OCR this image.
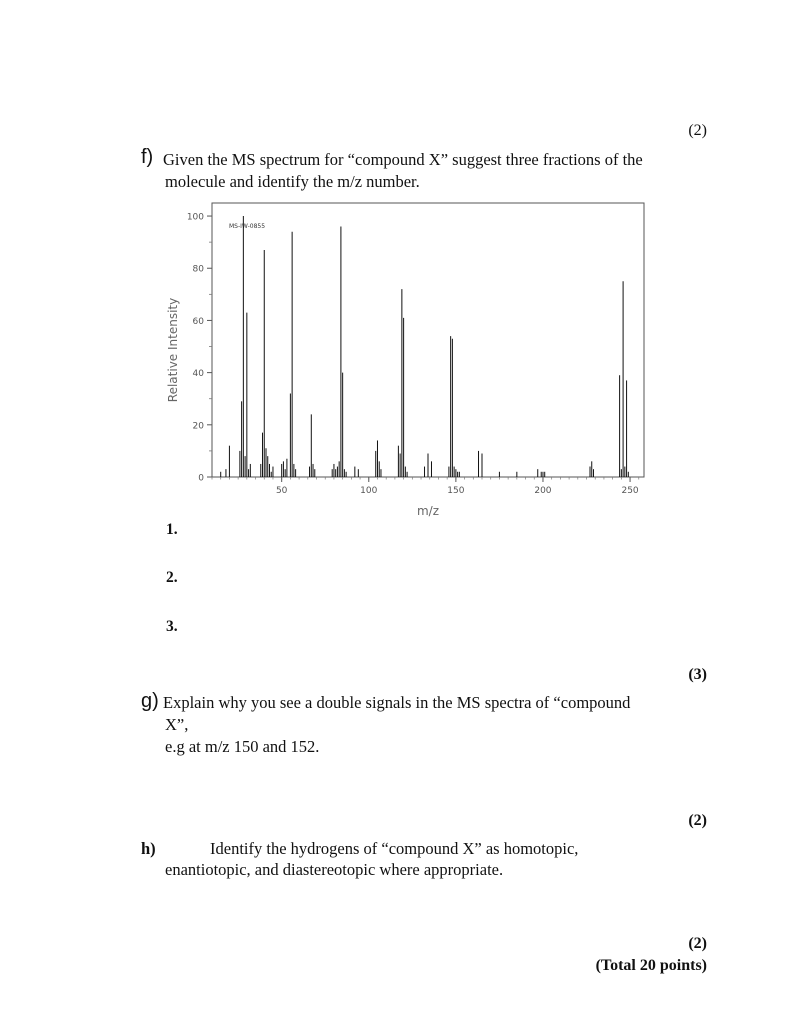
(2)
f) Given the MS spectrum for “compound X” suggest three fractions of the
molecule and identify the m/z number.
MS-IW-0855
0
20
40
60
80
100
50	100	150	200	250
m/z
Relative Intensity
1.
2.
3.
(3)
g) Explain why you see a double signals in the MS spectra of “compound
X”,
e.g at m/z 150 and 152.
(2)
h)	Identify the hydrogens of “compound X” as homotopic,
enantiotopic, and diastereotopic where appropriate.
(2)
(Total 20 points)
